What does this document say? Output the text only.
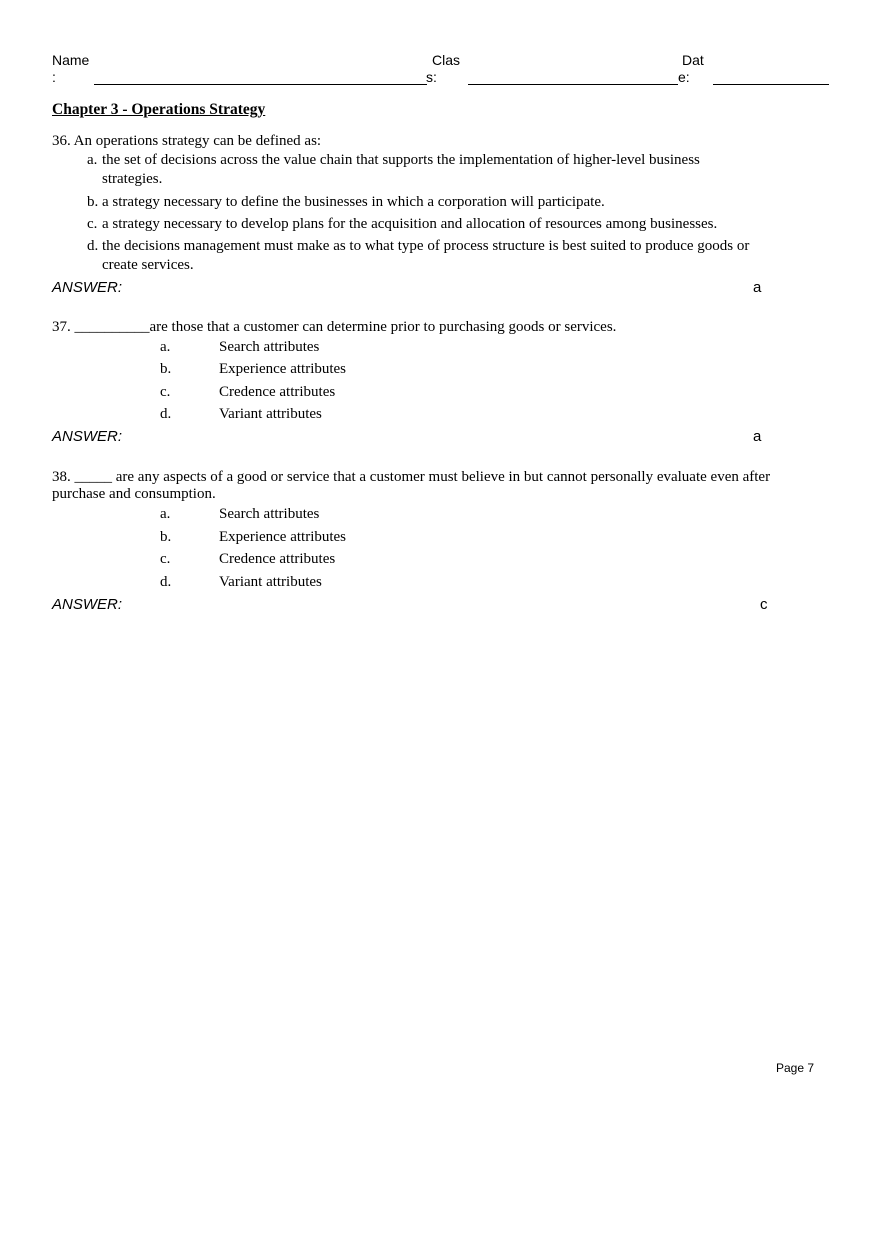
Name
:
Clas
s:
Dat
e:
Chapter 3 - Operations Strategy
36. An operations strategy can be defined as:
a. the set of decisions across the value chain that supports the implementation of higher-level business
strategies.
b. a strategy necessary to define the businesses in which a corporation will participate.
c. a strategy necessary to develop plans for the acquisition and allocation of resources among businesses.
d. the decisions management must make as to what type of process structure is best suited to produce goods or
create services.
ANSWER:	a
37. __________are those that a customer can determine prior to purchasing goods or services.
a.	Search attributes
b.	Experience attributes
c.	Credence attributes
d.	Variant attributes
ANSWER:	a
38. _____ are any aspects of a good or service that a customer must believe in but cannot personally evaluate even after
purchase and consumption.
a.	Search attributes
b.	Experience attributes
c.	Credence attributes
d.	Variant attributes
ANSWER:	c
Page 7
